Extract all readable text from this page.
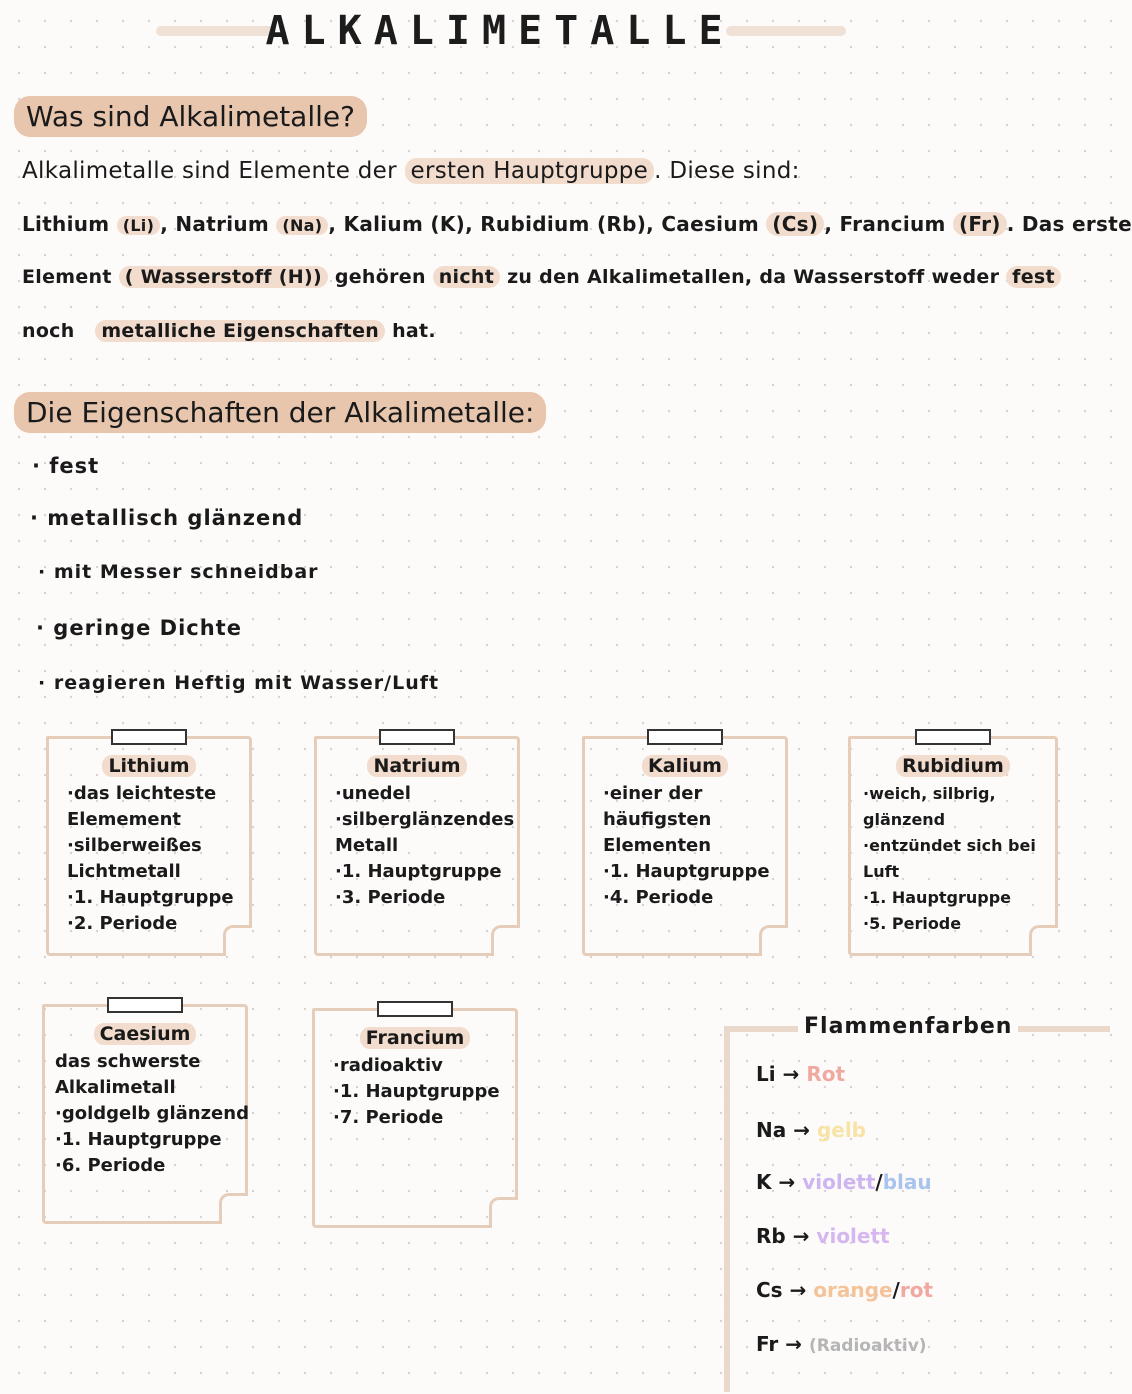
ALKALIMETALLE
Was sind Alkalimetalle?
Alkalimetalle sind Elemente der ersten Hauptgruppe . Diese sind:
Lithium (Li) , Natrium (Na) , Kalium (K), Rubidium (Rb), Caesium (Cs) , Francium (Fr) . Das erste
Element ( Wasserstoff (H)) gehören nicht zu den Alkalimetallen, da Wasserstoff weder fest
noch metalliche Eigenschaften hat.
Die Eigenschaften der Alkalimetalle:
· fest
· metallisch glänzend
· mit Messer schneidbar
· geringe Dichte
· reagieren Heftig mit Wasser/Luft
Lithium
·das leichteste
Elemement
·silberweißes
Lichtmetall
·1. Hauptgruppe
·2. Periode
Natrium
·unedel
·silberglänzendes
Metall
·1. Hauptgruppe
·3. Periode
Kalium
·einer der
häufigsten
Elementen
·1. Hauptgruppe
·4. Periode
Rubidium
·weich, silbrig,
glänzend
·entzündet sich bei
Luft
·1. Hauptgruppe
·5. Periode
Caesium
das schwerste
Alkalimetall
·goldgelb glänzend
·1. Hauptgruppe
·6. Periode
Francium
·radioaktiv
·1. Hauptgruppe
·7. Periode
Flammenfarben
Li → Rot
Na → gelb
K → violett/blau
Rb → violett
Cs → orange/rot
Fr → (Radioaktiv)
